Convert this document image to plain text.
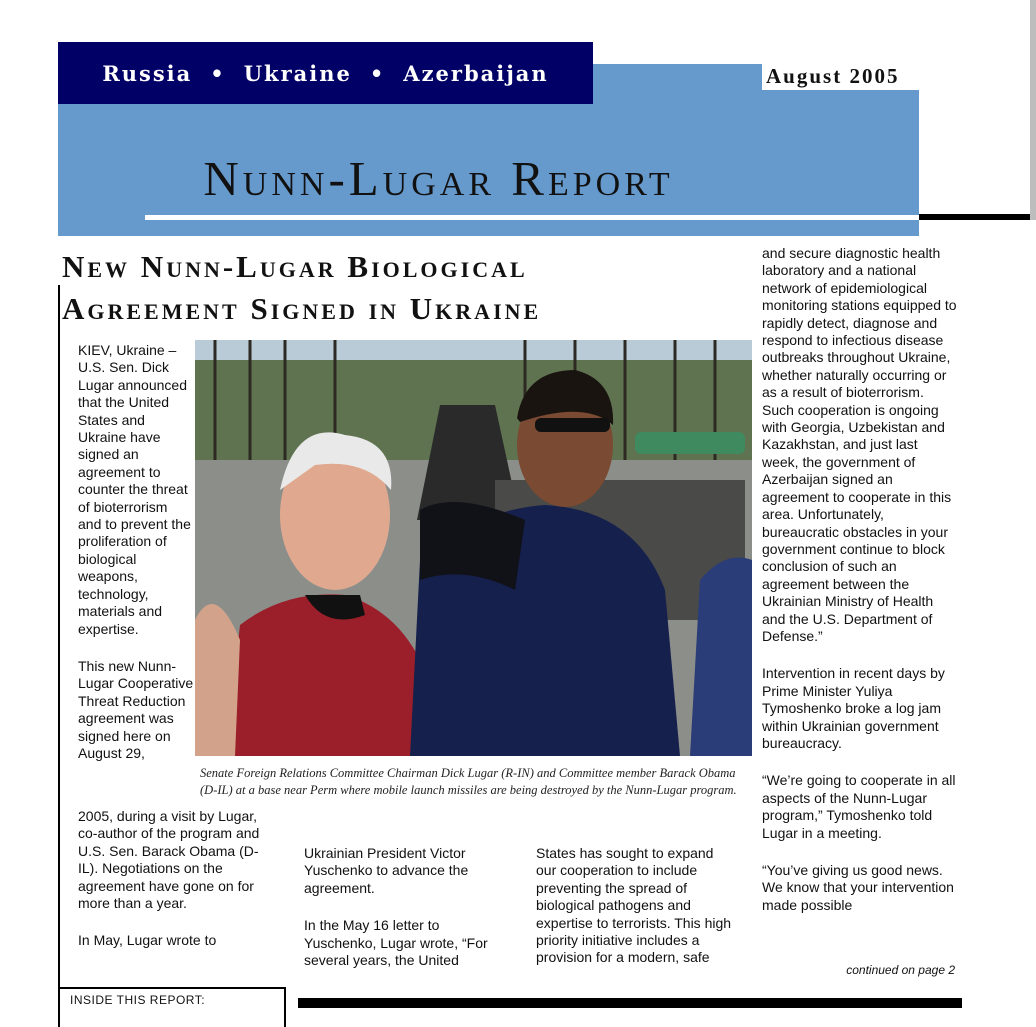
Russia • Ukraine • Azerbaijan	August 2005
Nunn-Lugar Report
New Nunn-Lugar Biological
Agreement Signed in Ukraine

KIEV, Ukraine – U.S. Sen. Dick Lugar announced that the United States and Ukraine have signed an agreement to counter the threat of bioterrorism and to prevent the proliferation of biological weapons, technology, materials and expertise.

This new Nunn-Lugar Cooperative Threat Reduction agreement was signed here on August 29,

2005, during a visit by Lugar, co-author of the program and U.S. Sen. Barack Obama (D-IL). Negotiations on the agreement have gone on for more than a year.

In May, Lugar wrote to

Senate Foreign Relations Committee Chairman Dick Lugar (R-IN) and Committee member Barack Obama (D-IL) at a base near Perm where mobile launch missiles are being destroyed by the Nunn-Lugar program.

Ukrainian President Victor Yuschenko to advance the agreement.

In the May 16 letter to Yuschenko, Lugar wrote, “For several years, the United

States has sought to expand our cooperation to include preventing the spread of biological pathogens and expertise to terrorists. This high priority initiative includes a provision for a modern, safe

and secure diagnostic health laboratory and a national network of epidemiological monitoring stations equipped to rapidly detect, diagnose and respond to infectious disease outbreaks throughout Ukraine, whether naturally occurring or as a result of bioterrorism. Such cooperation is ongoing with Georgia, Uzbekistan and Kazakhstan, and just last week, the government of Azerbaijan signed an agreement to cooperate in this area. Unfortunately, bureaucratic obstacles in your government continue to block conclusion of such an agreement between the Ukrainian Ministry of Health and the U.S. Department of Defense.”

Intervention in recent days by Prime Minister Yuliya Tymoshenko broke a log jam within Ukrainian government bureaucracy.

“We’re going to cooperate in all aspects of the Nunn-Lugar program,” Tymoshenko told Lugar in a meeting.

“You’ve giving us good news. We know that your intervention made possible

continued on page 2
INSIDE THIS REPORT:
